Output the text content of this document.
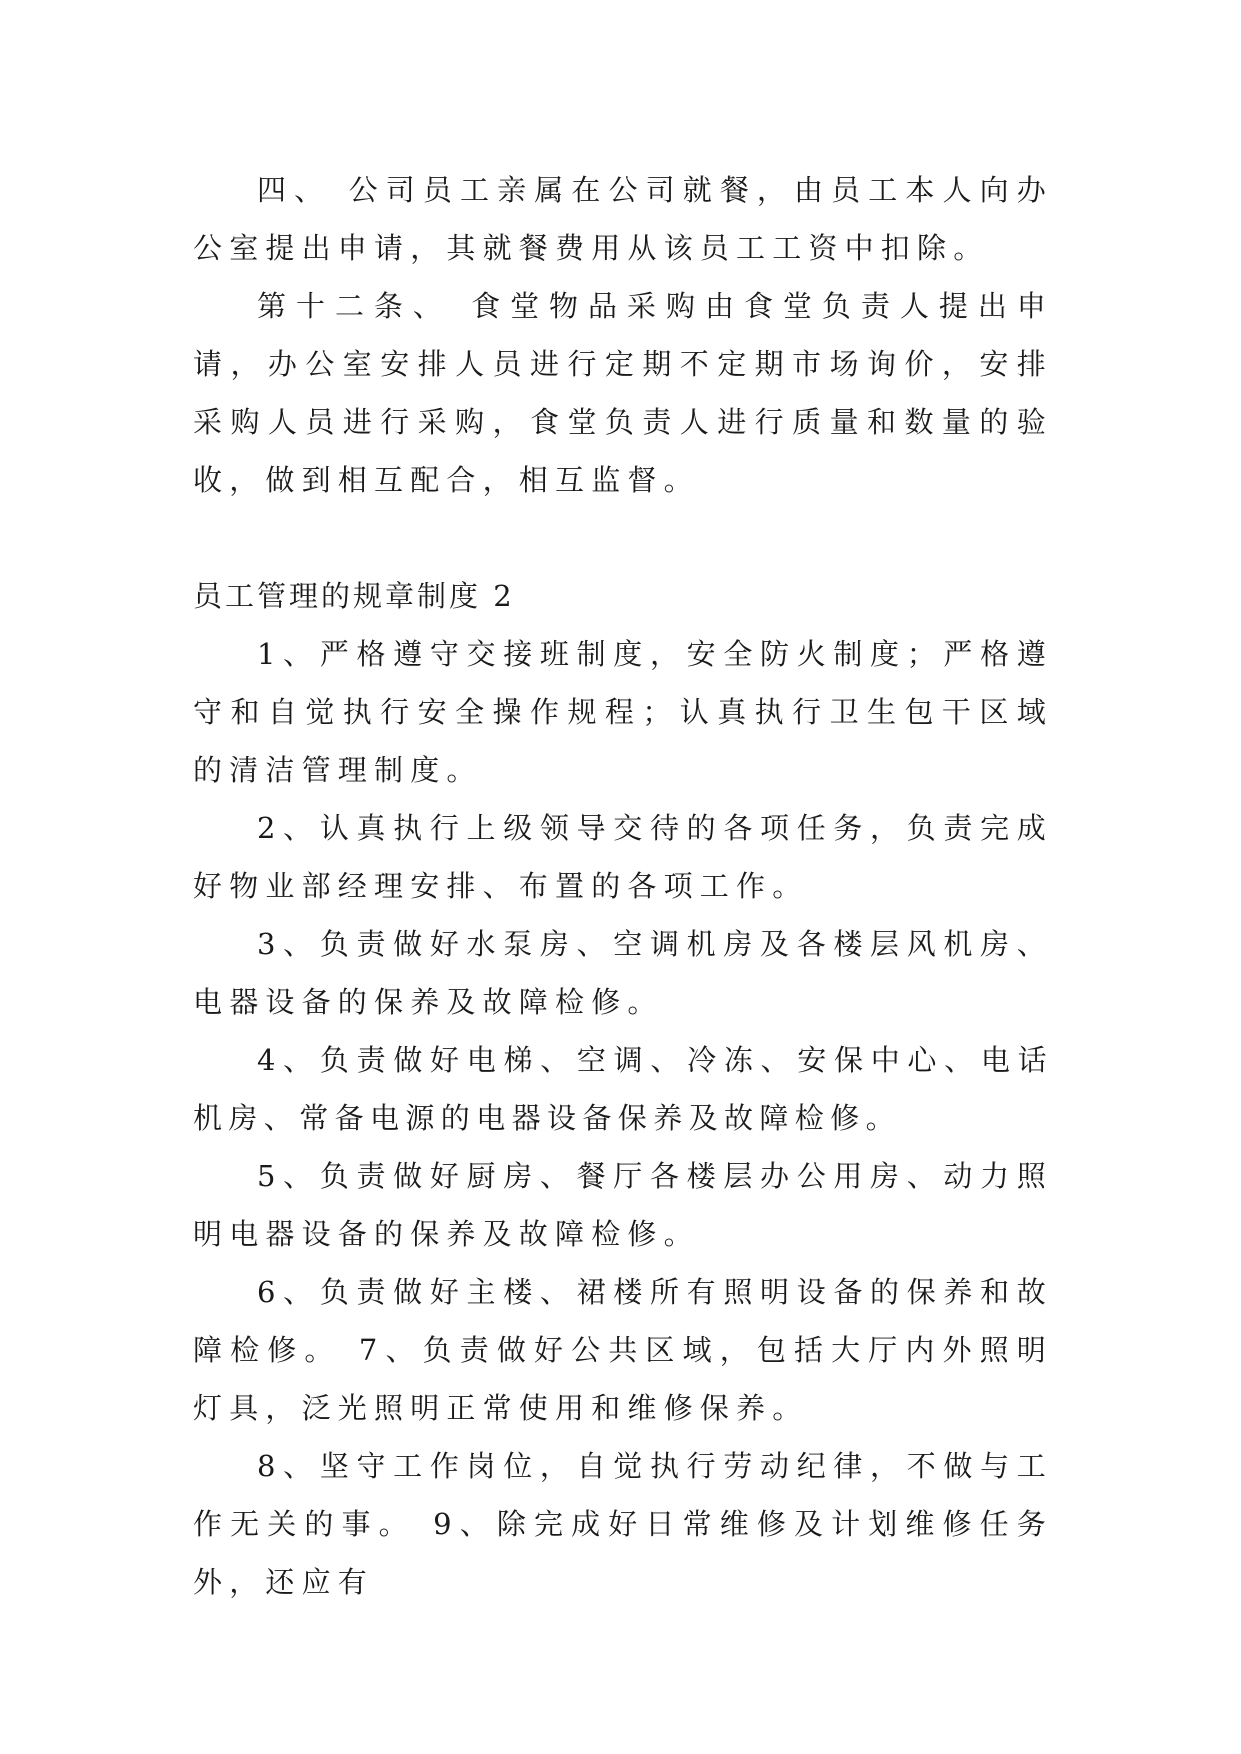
四、 公司员工亲属在公司就餐，由员工本人向办公室提出申请，其就餐费用从该员工工资中扣除。

第十二条、 食堂物品采购由食堂负责人提出申请，办公室安排人员进行定期不定期市场询价，安排采购人员进行采购，食堂负责人进行质量和数量的验收，做到相互配合，相互监督。

员工管理的规章制度 2

1、严格遵守交接班制度，安全防火制度；严格遵守和自觉执行安全操作规程；认真执行卫生包干区域的清洁管理制度。

2、认真执行上级领导交待的各项任务，负责完成好物业部经理安排、布置的各项工作。

3、负责做好水泵房、空调机房及各楼层风机房、电器设备的保养及故障检修。

4、负责做好电梯、空调、冷冻、安保中心、电话机房、常备电源的电器设备保养及故障检修。

5、负责做好厨房、餐厅各楼层办公用房、动力照明电器设备的保养及故障检修。

6、负责做好主楼、裙楼所有照明设备的保养和故障检修。 7、负责做好公共区域，包括大厅内外照明灯具，泛光照明正常使用和维修保养。

8、坚守工作岗位，自觉执行劳动纪律，不做与工作无关的事。 9、除完成好日常维修及计划维修任务外，还应有
